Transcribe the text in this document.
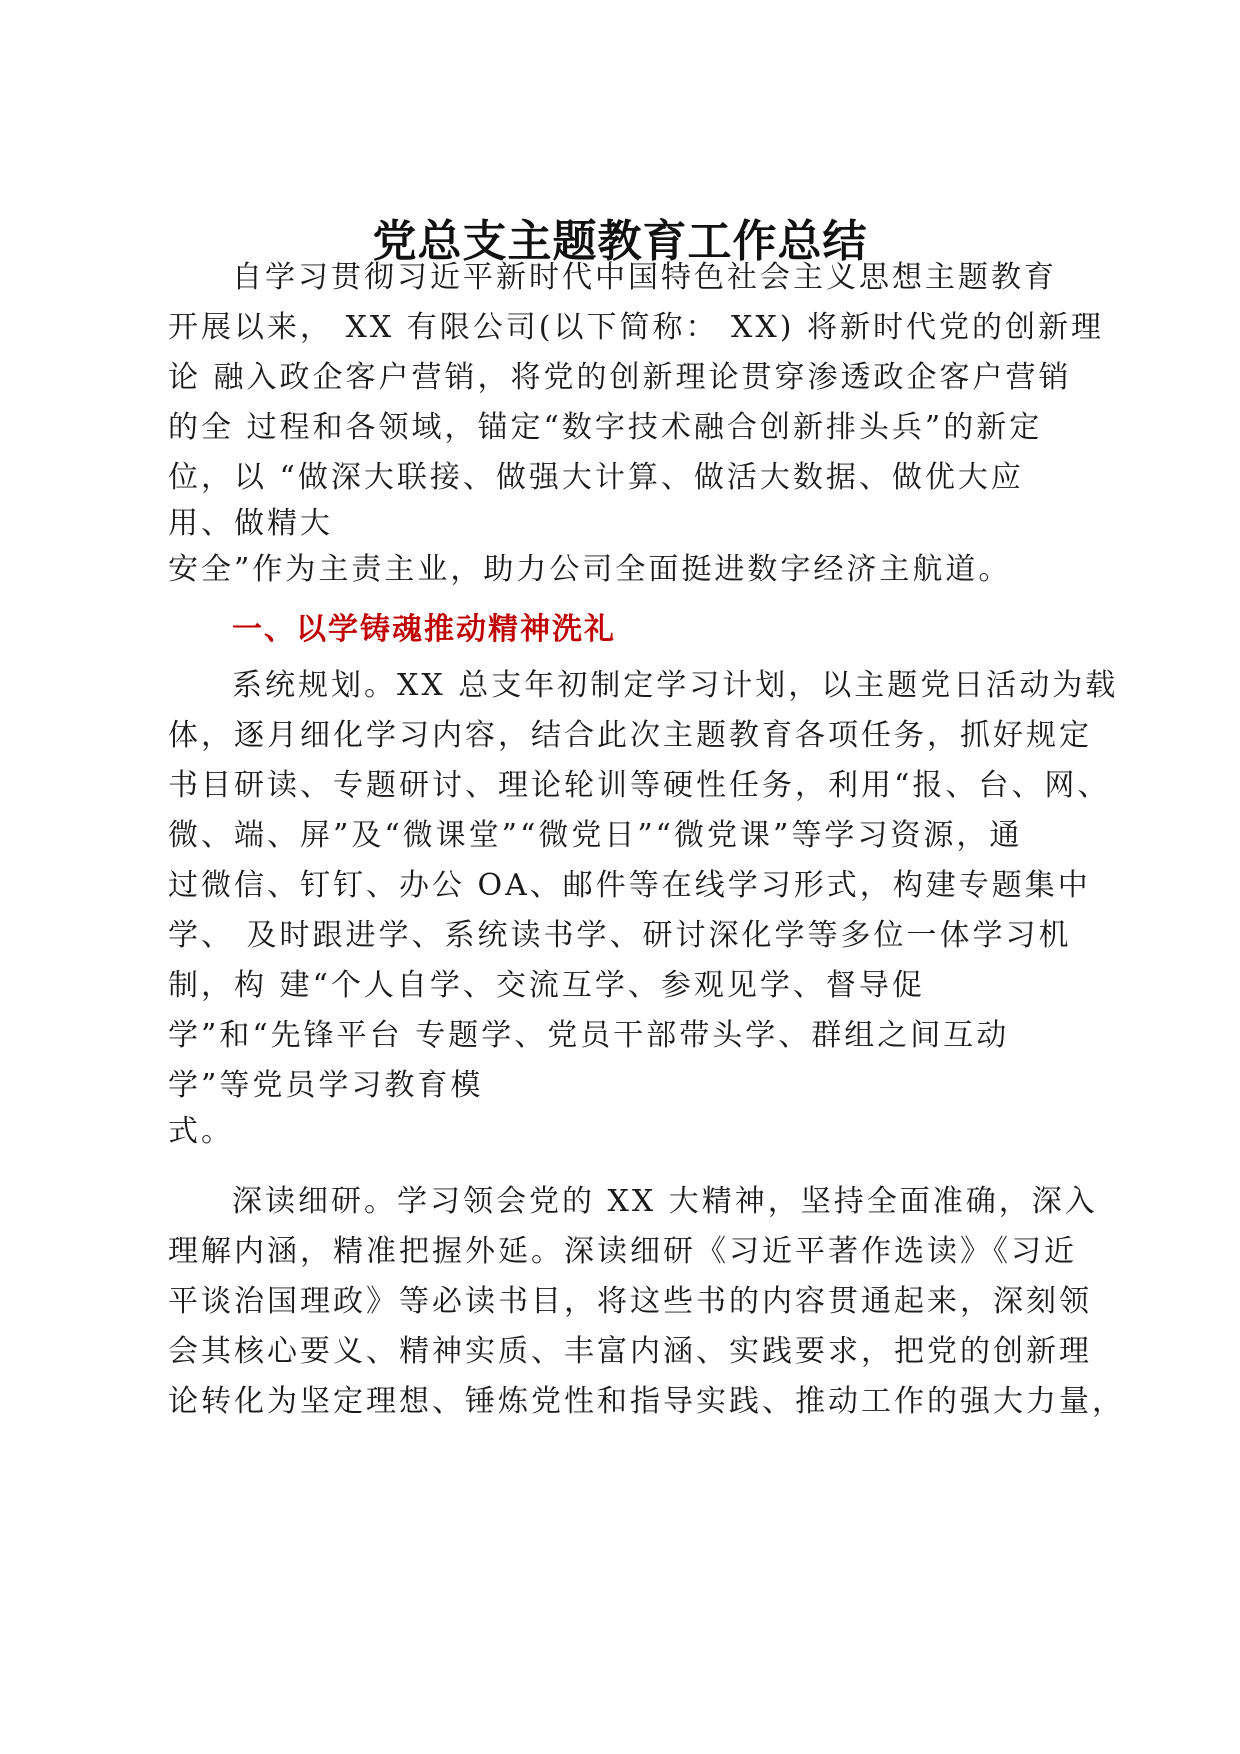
党总支主题教育工作总结
自学习贯彻习近平新时代中国特色社会主义思想主题教育
开展以来， XX 有限公司(以下简称： XX) 将新时代党的创新理
论 融入政企客户营销，将党的创新理论贯穿渗透政企客户营销
的全 过程和各领域，锚定“数字技术融合创新排头兵”的新定
位，以 “做深大联接、做强大计算、做活大数据、做优大应
用、做精大
安全”作为主责主业，助力公司全面挺进数字经济主航道。
一、以学铸魂推动精神洗礼
系统规划。XX 总支年初制定学习计划，以主题党日活动为载
体，逐月细化学习内容，结合此次主题教育各项任务，抓好规定
书目研读、专题研讨、理论轮训等硬性任务，利用“报、台、网、
微、端、屏”及“微课堂”“微党日”“微党课”等学习资源，通
过微信、钉钉、办公 OA、邮件等在线学习形式，构建专题集中
学、 及时跟进学、系统读书学、研讨深化学等多位一体学习机
制，构 建“个人自学、交流互学、参观见学、督导促
学”和“先锋平台 专题学、党员干部带头学、群组之间互动
学”等党员学习教育模
式。
深读细研。学习领会党的 XX 大精神，坚持全面准确，深入
理解内涵，精准把握外延。深读细研《习近平著作选读》《习近
平谈治国理政》等必读书目，将这些书的内容贯通起来，深刻领
会其核心要义、精神实质、丰富内涵、实践要求，把党的创新理
论转化为坚定理想、锤炼党性和指导实践、推动工作的强大力量，
